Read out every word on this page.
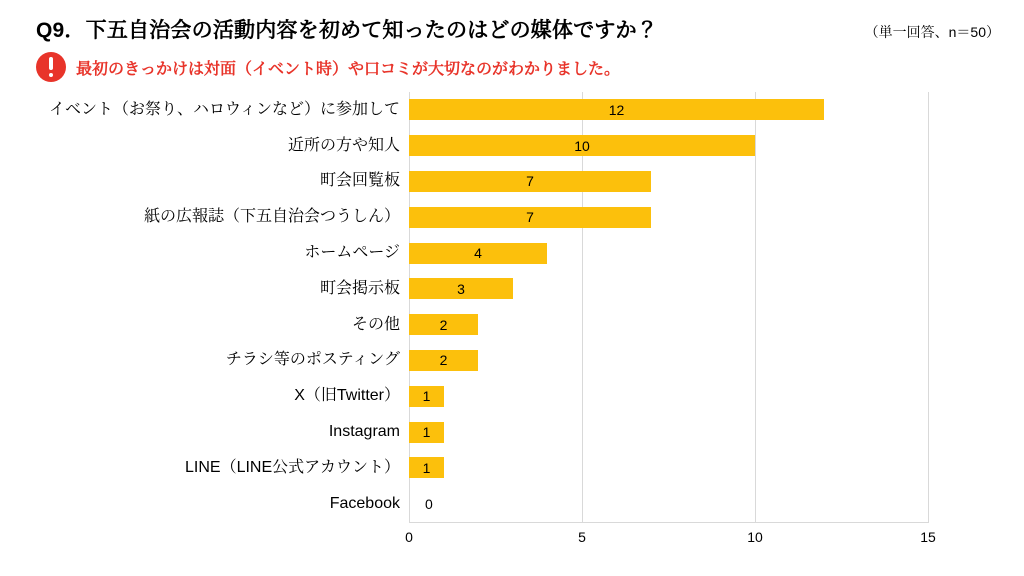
Q9．下五自治会の活動内容を初めて知ったのはどの媒体ですか？	（単一回答、n＝50）
最初のきっかけは対面（イベント時）や口コミが大切なのがわかりました。
イベント（お祭り、ハロウィンなど）に参加して	12
近所の方や知人	10
町会回覧板	7
紙の広報誌（下五自治会つうしん）	7
ホームページ	4
町会掲示板	3
その他	2
チラシ等のポスティング	2
X（旧Twitter）	1
Instagram	1
LINE（LINE公式アカウント）	1
Facebook 0
0	5	10	15
